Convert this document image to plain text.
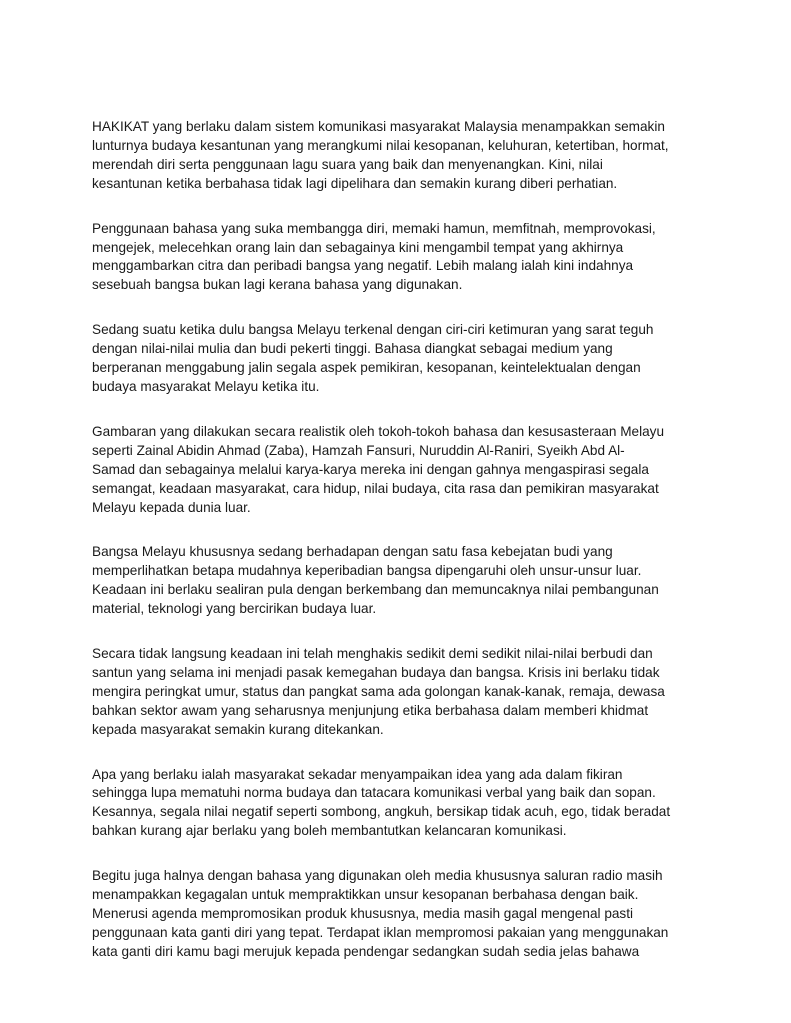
HAKIKAT yang berlaku dalam sistem komunikasi masyarakat Malaysia menampakkan semakin
lunturnya budaya kesantunan yang merangkumi nilai kesopanan, keluhuran, ketertiban, hormat,
merendah diri serta penggunaan lagu suara yang baik dan menyenangkan. Kini, nilai
kesantunan ketika berbahasa tidak lagi dipelihara dan semakin kurang diberi perhatian.

Penggunaan bahasa yang suka membangga diri, memaki hamun, memfitnah, memprovokasi,
mengejek, melecehkan orang lain dan sebagainya kini mengambil tempat yang akhirnya
menggambarkan citra dan peribadi bangsa yang negatif. Lebih malang ialah kini indahnya
sesebuah bangsa bukan lagi kerana bahasa yang digunakan.

Sedang suatu ketika dulu bangsa Melayu terkenal dengan ciri-ciri ketimuran yang sarat teguh
dengan nilai-nilai mulia dan budi pekerti tinggi. Bahasa diangkat sebagai medium yang
berperanan menggabung jalin segala aspek pemikiran, kesopanan, keintelektualan dengan
budaya masyarakat Melayu ketika itu.

Gambaran yang dilakukan secara realistik oleh tokoh-tokoh bahasa dan kesusasteraan Melayu
seperti Zainal Abidin Ahmad (Zaba), Hamzah Fansuri, Nuruddin Al-Raniri, Syeikh Abd Al-
Samad dan sebagainya melalui karya-karya mereka ini dengan gahnya mengaspirasi segala
semangat, keadaan masyarakat, cara hidup, nilai budaya, cita rasa dan pemikiran masyarakat
Melayu kepada dunia luar.

Bangsa Melayu khususnya sedang berhadapan dengan satu fasa kebejatan budi yang
memperlihatkan betapa mudahnya keperibadian bangsa dipengaruhi oleh unsur-unsur luar.
Keadaan ini berlaku sealiran pula dengan berkembang dan memuncaknya nilai pembangunan
material, teknologi yang bercirikan budaya luar.

Secara tidak langsung keadaan ini telah menghakis sedikit demi sedikit nilai-nilai berbudi dan
santun yang selama ini menjadi pasak kemegahan budaya dan bangsa. Krisis ini berlaku tidak
mengira peringkat umur, status dan pangkat sama ada golongan kanak-kanak, remaja, dewasa
bahkan sektor awam yang seharusnya menjunjung etika berbahasa dalam memberi khidmat
kepada masyarakat semakin kurang ditekankan.

Apa yang berlaku ialah masyarakat sekadar menyampaikan idea yang ada dalam fikiran
sehingga lupa mematuhi norma budaya dan tatacara komunikasi verbal yang baik dan sopan.
Kesannya, segala nilai negatif seperti sombong, angkuh, bersikap tidak acuh, ego, tidak beradat
bahkan kurang ajar berlaku yang boleh membantutkan kelancaran komunikasi.

Begitu juga halnya dengan bahasa yang digunakan oleh media khususnya saluran radio masih
menampakkan kegagalan untuk mempraktikkan unsur kesopanan berbahasa dengan baik.
Menerusi agenda mempromosikan produk khususnya, media masih gagal mengenal pasti
penggunaan kata ganti diri yang tepat. Terdapat iklan mempromosi pakaian yang menggunakan
kata ganti diri kamu bagi merujuk kepada pendengar sedangkan sudah sedia jelas bahawa
